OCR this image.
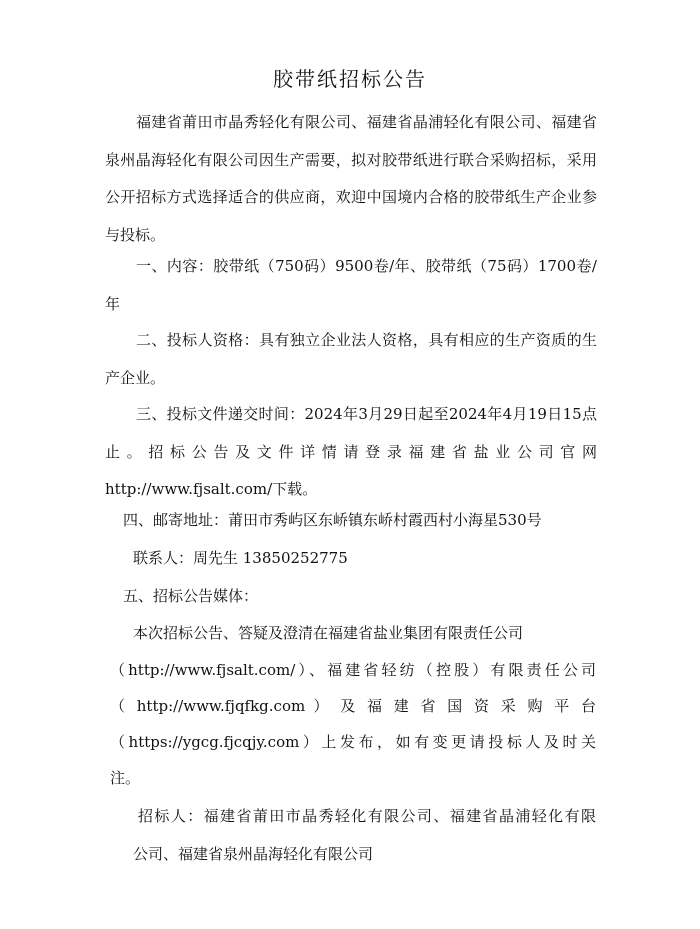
胶带纸招标公告

福建省莆田市晶秀轻化有限公司、福建省晶浦轻化有限公司、福建省泉州晶海轻化有限公司因生产需要，拟对胶带纸进行联合采购招标，采用公开招标方式选择适合的供应商，欢迎中国境内合格的胶带纸生产企业参与投标。

一、内容：胶带纸（750码）9500卷/年、胶带纸（75码）1700卷/年

二、投标人资格：具有独立企业法人资格，具有相应的生产资质的生产企业。

三、投标文件递交时间：2024年3月29日起至2024年4月19日15点止。招标公告及文件详情请登录福建省盐业公司官网http://www.fjsalt.com/下载。

四、邮寄地址：莆田市秀屿区东峤镇东峤村霞西村小海星530号
联系人：周先生 13850252775
五、招标公告媒体：
本次招标公告、答疑及澄清在福建省盐业集团有限责任公司
（http://www.fjsalt.com/）、福建省轻纺（控股）有限责任公司
（ http://www.fjqfkg.com ） 及 福 建 省 国 资 采 购 平 台
（https://ygcg.fjcqjy.com）上发布，如有变更请投标人及时关
注。
招标人：福建省莆田市晶秀轻化有限公司、福建省晶浦轻化有限
公司、福建省泉州晶海轻化有限公司
